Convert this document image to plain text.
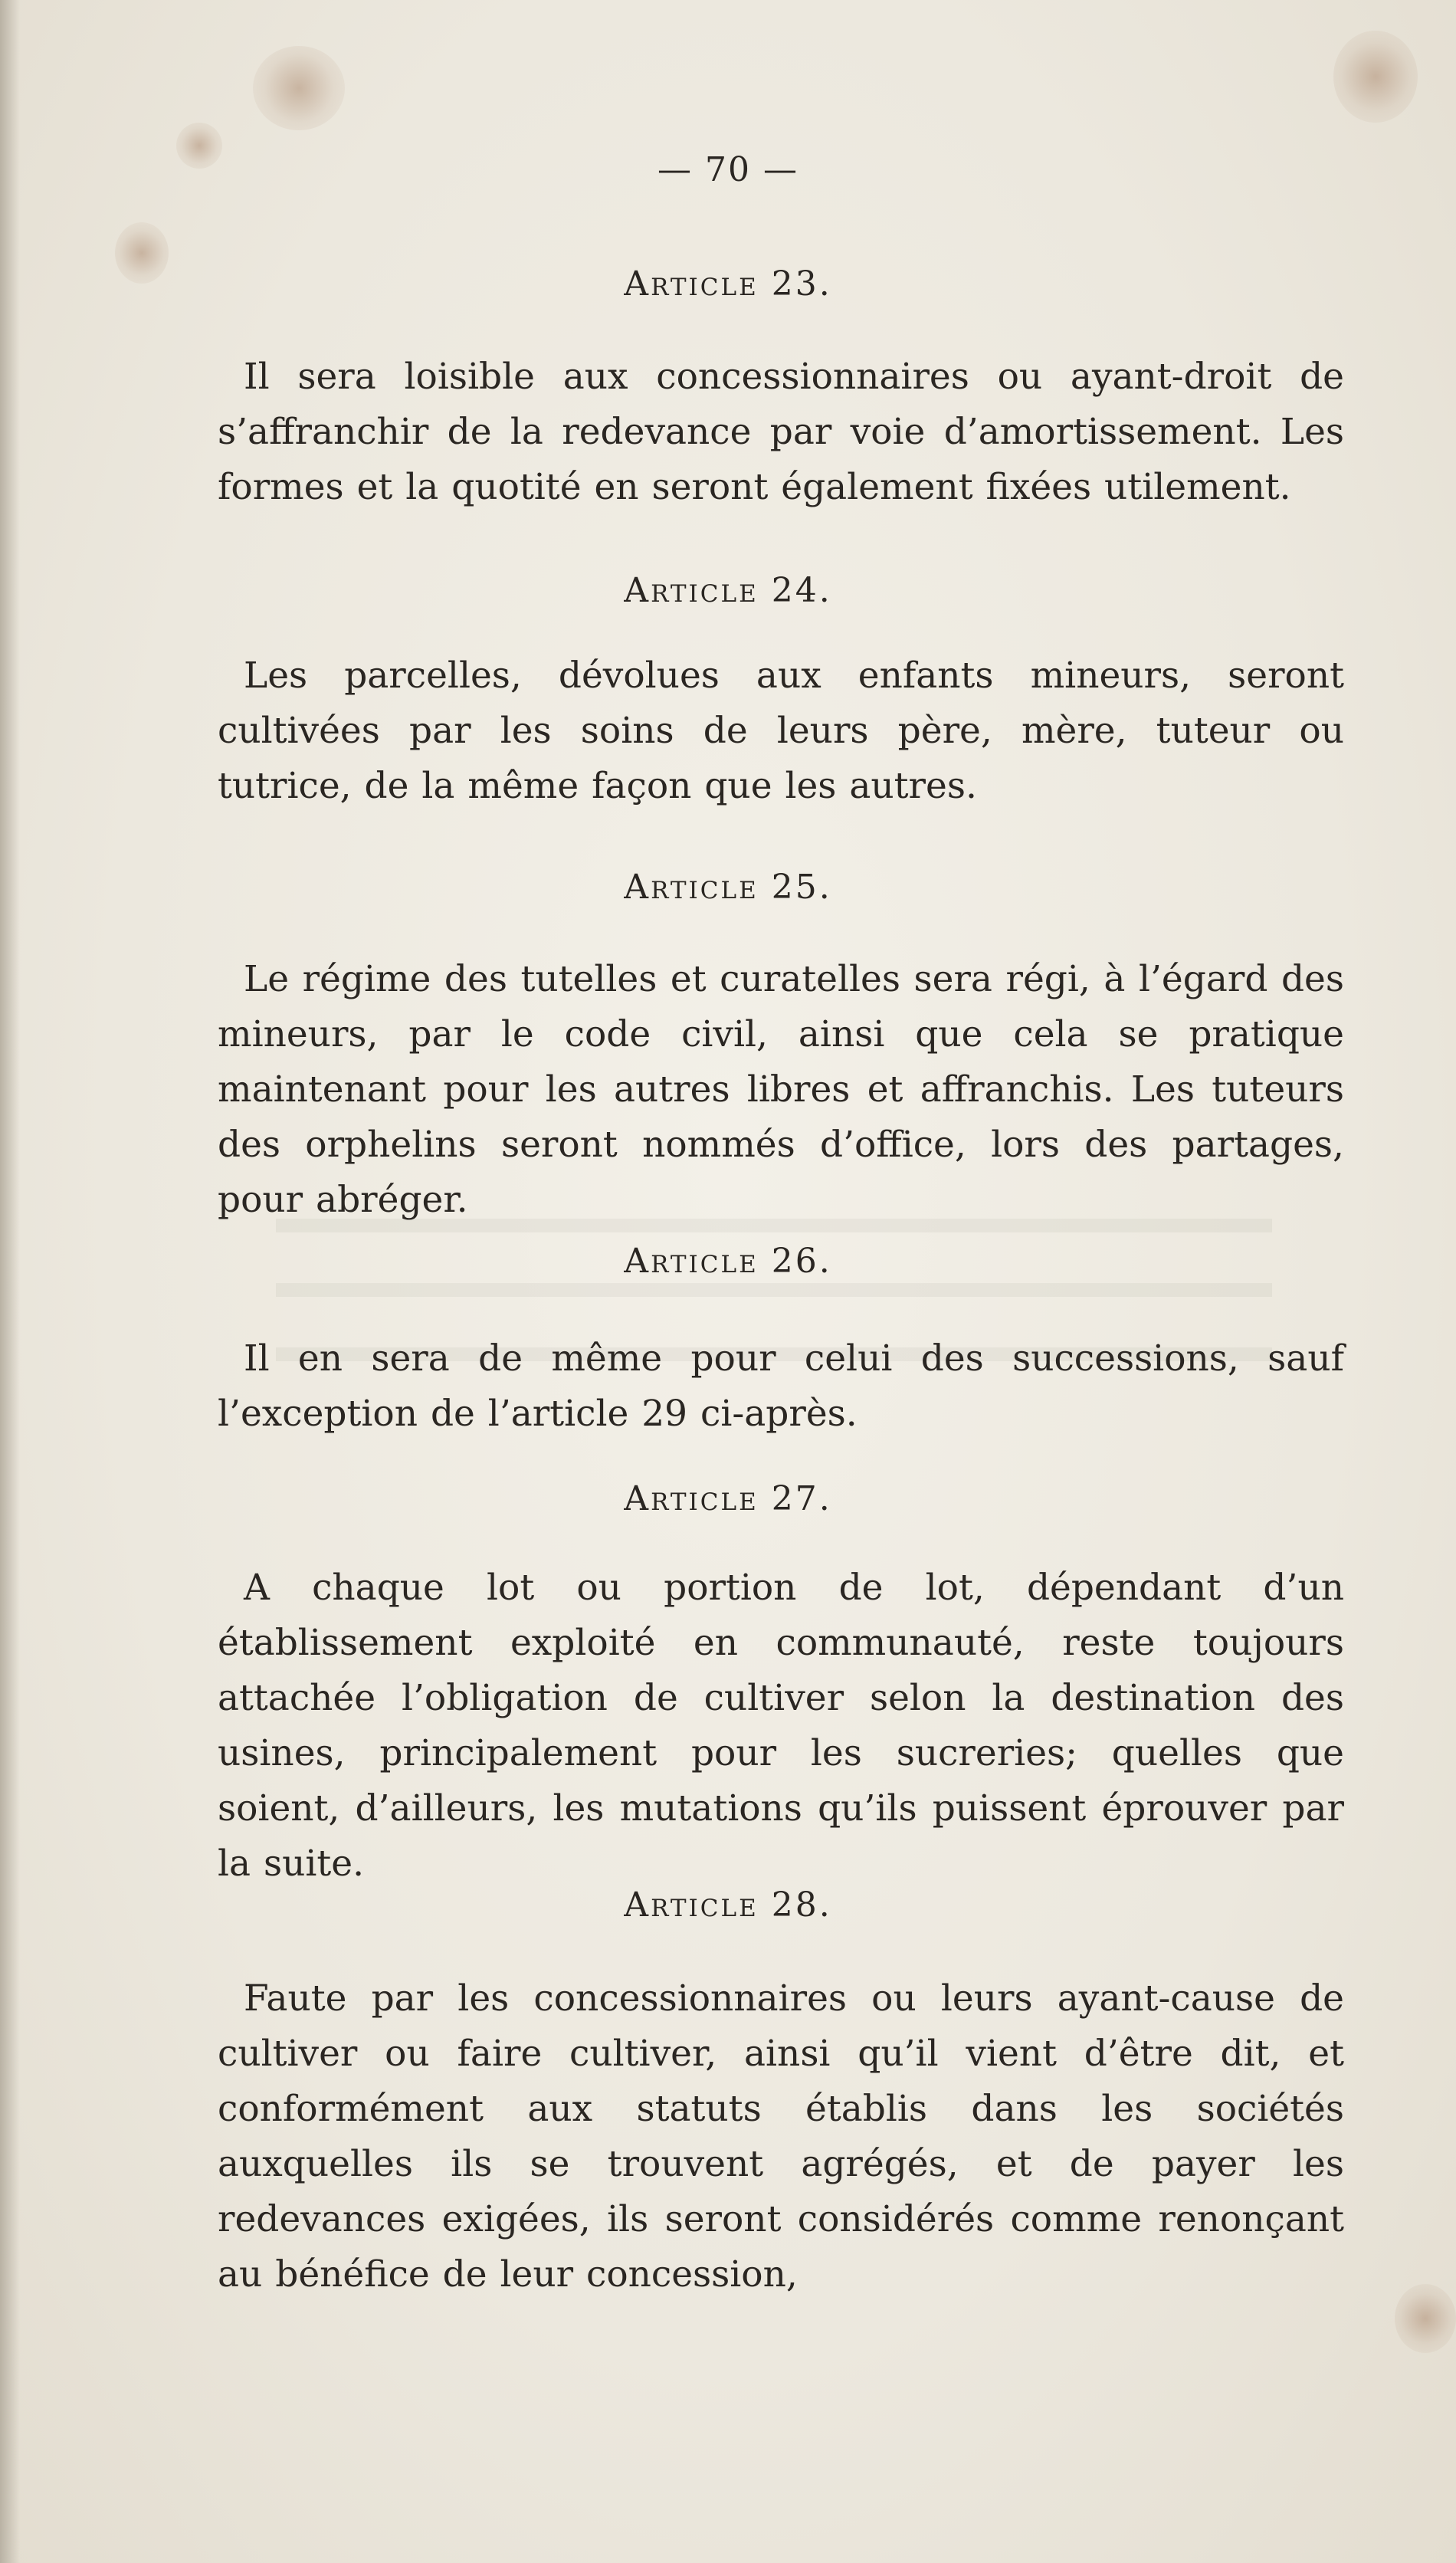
— 70 —
Article 23.

Il sera loisible aux concessionnaires ou ayant-droit de s’affranchir de la redevance par voie d’amortissement. Les formes et la quotité en seront également fixées utilement.

Article 24.

Les parcelles, dévolues aux enfants mineurs, seront cultivées par les soins de leurs père, mère, tuteur ou tutrice, de la même façon que les autres.

Article 25.

Le régime des tutelles et curatelles sera régi, à l’égard des mineurs, par le code civil, ainsi que cela se pratique maintenant pour les autres libres et affranchis. Les tuteurs des orphelins seront nommés d’office, lors des partages, pour abréger.

Article 26.

Il en sera de même pour celui des successions, sauf l’exception de l’article 29 ci-après.

Article 27.

A chaque lot ou portion de lot, dépendant d’un établissement exploité en communauté, reste toujours attachée l’obligation de cultiver selon la destination des usines, principalement pour les sucreries; quelles que soient, d’ailleurs, les mutations qu’ils puissent éprouver par la suite.

Article 28.

Faute par les concessionnaires ou leurs ayant-cause de cultiver ou faire cultiver, ainsi qu’il vient d’être dit, et conformément aux statuts établis dans les sociétés auxquelles ils se trouvent agrégés, et de payer les redevances exigées, ils seront considérés comme renonçant au bénéfice de leur concession,
